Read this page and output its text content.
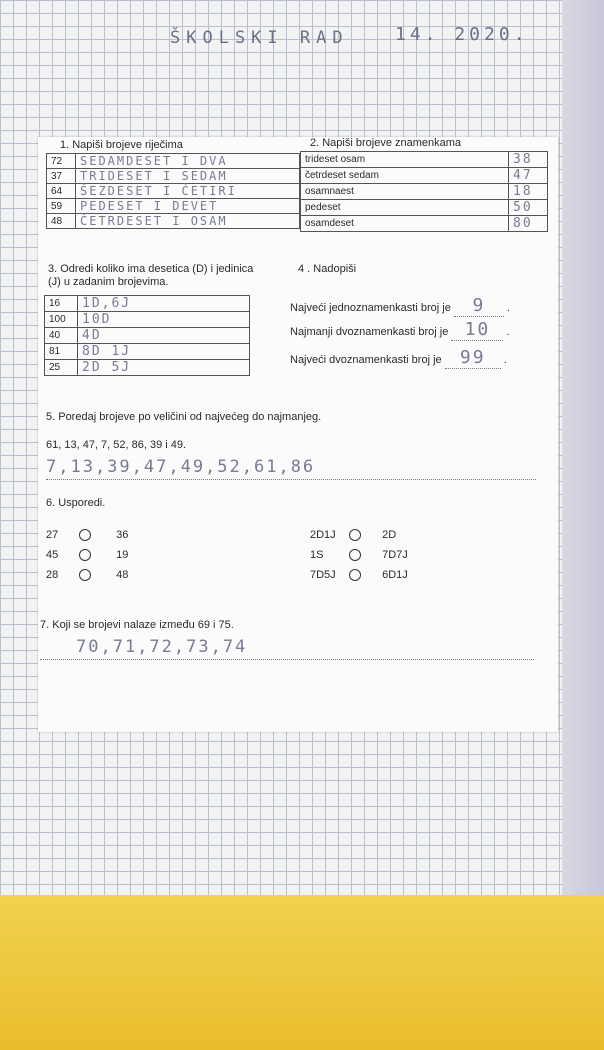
ŠKOLSKI RAD	14. 2020.
1. Napiši brojeve riječima
72	SEDAMDESET I DVA
37	TRIDESET I SEDAM
64	ŠEZDESET I ČETIRI
59	PEDESET I DEVET
48	ČETRDESET I OSAM
2. Napiši brojeve znamenkama
trideset osam	38
četrdeset sedam	47
osamnaest	18
pedeset	50
osamdeset	80
3. Odredi koliko ima desetica (D) i jedinica (J) u zadanim brojevima.
16	1D,6J
100	10D
40	4D
81	8D 1J
25	2D 5J
4 . Nadopiši
Najveći jednoznamenkasti broj je 9 .
Najmanji dvoznamenkasti broj je 10 .
Najveći dvoznamenkasti broj je 99 .
5. Poredaj brojeve po veličini od najvećeg do najmanjeg.
61, 13, 47, 7, 52, 86, 39 i 49.
7,13,39,47,49,52,61,86
6. Usporedi.
27	36
45	19
28	48
2D1J	2D
1S	7D7J
7D5J	6D1J
7. Koji se brojevi nalaze između 69 i 75.
70,71,72,73,74
